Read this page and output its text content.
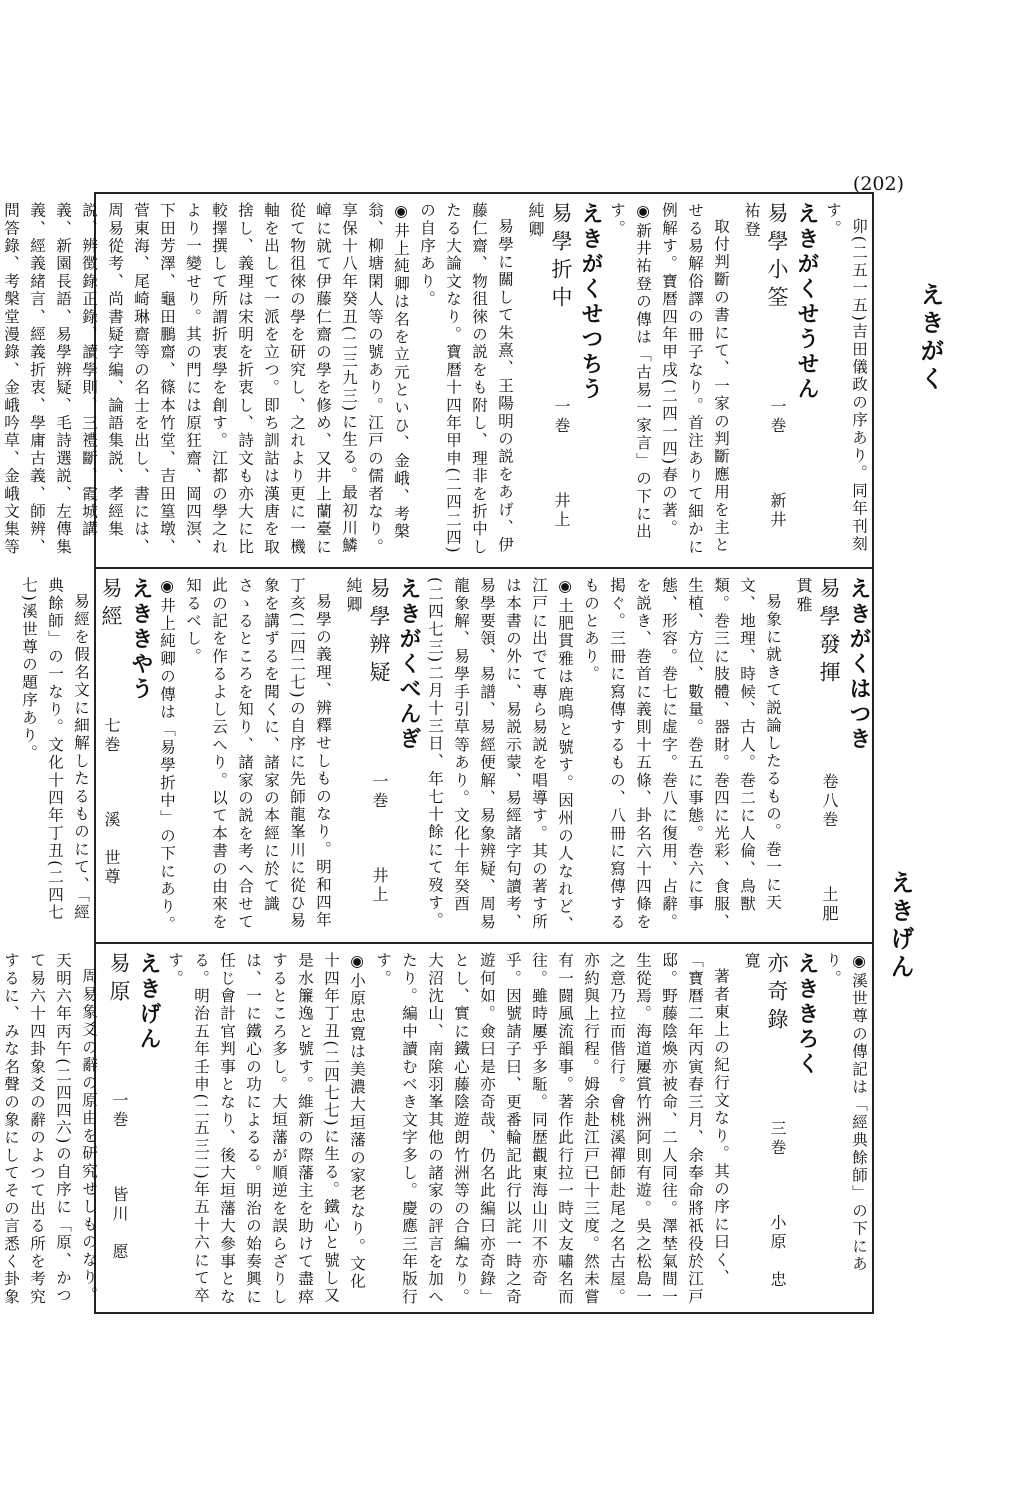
(202)
えきがく
えきげん

卯(二五一五)吉田儀政の序あり。同年刊刻す。

えきがくせうせん
易學小筌　　　一巻　　新井　祐登

取付判斷の書にて、一家の判斷應用を主とせる易解俗譯の冊子なり。首注ありて細かに例解す。寶暦四年甲戌(二四一四)春の著。

◉新井祐登の傳は「古易一家言」の下に出す。

えきがくせつちう
易學折中　　　一巻　　井上　純卿

易學に關して朱熹、王陽明の説をあげ、伊藤仁齋、物徂徠の説をも附し、理非を折中したる大論文なり。寶暦十四年甲申(二四二四)の自序あり。

◉井上純卿は名を立元といひ、金峨、考槃翁、柳塘閑人等の號あり。江戸の儒者なり。享保十八年癸丑(二三九三)に生る。最初川鱗嶂に就て伊藤仁齋の學を修め、又井上蘭臺に從て物徂徠の學を研究し、之れより更に一機軸を出して一派を立つ。即ち訓詁は漢唐を取捨し、義理は宋明を折衷し、詩文も亦大に比較擇撰して所謂折衷學を創す。江都の學之れより一變せり。其の門には原狂齋、岡四溟、下田芳澤、龜田鵬齋、篠本竹堂、吉田篁墩、菅東海、尾崎琳齋等の名士を出し、書には、周易從考、尚書疑字編、論語集説、孝經集説、辨徴錄正錄、讀學則、三禮斷、霞城講義、新園長語、易學辨疑、毛詩選説、左傳集義、經義緒言、經義折衷、學庸古義、師辨、問答錄、考槃堂漫錄、金峨吟草、金峨文集等

えきがくはつき
易學發揮　　　卷八巻　　土肥　貫雅

易象に就きて説論したるもの。巻一に天文、地理、時候、古人。巻二に人倫、鳥獸類。巻三に肢體、器財。巻四に光彩、食服、生植、方位、數量。巻五に事態。巻六に事態、形容。巻七に虚字。巻八に復用、占辭。を説き、巻首に義則十五條、卦名六十四條を掲ぐ。三冊に寫傳するもの、八冊に寫傳するものとあり。

◉土肥貫雅は鹿鳴と號す。因州の人なれど、江戸に出でて專ら易説を唱導す。其の著す所は本書の外に、易説示蒙、易經諸字句讀考、易學要領、易譜、易經便解、易象辨疑、周易龍象解、易學手引草等あり。文化十年癸酉(二四七三)二月十三日、年七十餘にて歿す。

えきがくべんぎ
易學辨疑　　　一巻　　井上　純卿

易學の義理、辨釋せしものなり。明和四年丁亥(二四二七)の自序に先師龍峯川に從ひ易象を講ずるを聞くに、諸家の本經に於て識さゝるところを知り、諸家の説を考へ合せて此の記を作るよし云へり。以て本書の由來を知るべし。

◉井上純卿の傳は「易學折中」の下にあり。

えききやう
易經　　　七巻　　溪　世尊

易經を假名文に細解したるものにて、「經典餘師」の一なり。文化十四年丁丑(二四七七)溪世尊の題序あり。

◉溪世尊の傳記は「經典餘師」の下にあり。

えききろく
亦奇錄　　　三巻　　小原　忠寛

著者東上の紀行文なり。其の序に曰く、「寶暦二年丙寅春三月、余奉命將祇役於江戸邸。野藤陰煥亦被命、二人同往。澤埜氣間一生從焉。海道屢賞竹洲阿則有遊。吳之松島一之意乃拉而偕行。會桃溪禪師赴尾之名古屋。亦約與上行程。姆余赴江戸已十三度。然未嘗有一闘風流韻事。著作此行拉一時文友嘯名而往。雖時屢乎多駈。同歴觀東海山川不亦奇乎。因號請子曰、更番輪記此行以詫一時之奇遊何如。僉曰是亦奇哉、仍名此編曰亦奇錄」とし、實に鐵心藤陰遊朗竹洲等の合編なり。大沼沈山、南隂羽峯其他の諸家の評言を加へたり。編中讀むべき文字多し。慶應三年版行す。

◉小原忠寛は美濃大垣藩の家老なり。文化十四年丁丑(二四七七)に生る。鐵心と號し又是水簾逸と號す。維新の際藩主を助けて盡瘁するところ多し。大垣藩が順逆を誤らざりしは、一に鐵心の功によるる。明治の始奏興に任じ會計官判事となり、後大垣藩大參事となる。明治五年壬申(二五三二)年五十六にて卒す。

えきげん
易原　　　一巻　　皆川　愿

周易象爻の辭の原由を研究せしものなり。天明六年丙午(二四四六)の自序に「原、かつて易六十四卦象爻の辭のよつて出る所を考究するに、みな名聲の象にしてその言悉く卦象
